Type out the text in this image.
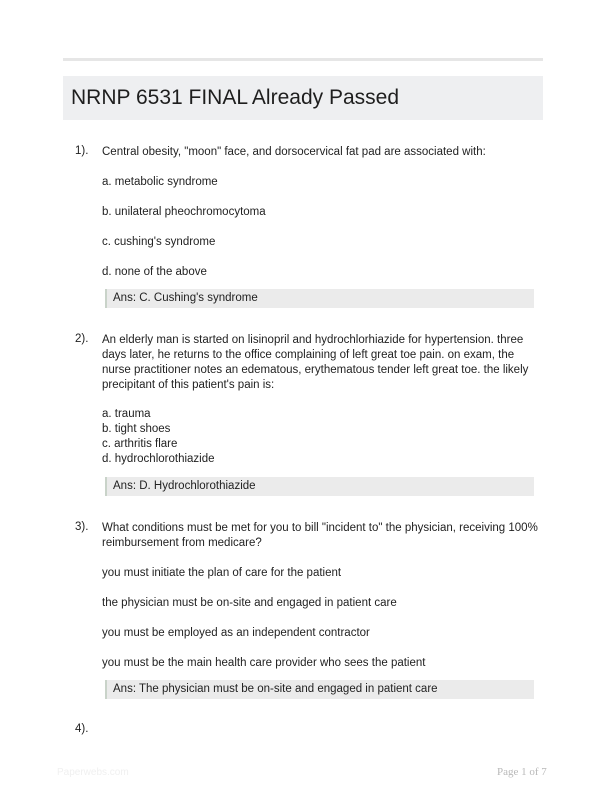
NRNP 6531 FINAL Already Passed
1). Central obesity, "moon" face, and dorsocervical fat pad are associated with:

a. metabolic syndrome
b. unilateral pheochromocytoma
c. cushing's syndrome
d. none of the above
Ans: C. Cushing's syndrome
2). An elderly man is started on lisinopril and hydrochlorhiazide for hypertension. three days later, he returns to the office complaining of left great toe pain. on exam, the nurse practitioner notes an edematous, erythematous tender left great toe. the likely precipitant of this patient's pain is:

a. trauma
b. tight shoes
c. arthritis flare
d. hydrochlorothiazide
Ans: D. Hydrochlorothiazide
3). What conditions must be met for you to bill "incident to" the physician, receiving 100% reimbursement from medicare?

you must initiate the plan of care for the patient
the physician must be on-site and engaged in patient care
you must be employed as an independent contractor
you must be the main health care provider who sees the patient
Ans: The physician must be on-site and engaged in patient care
4).
Paperwebs.com	Page 1 of 7
